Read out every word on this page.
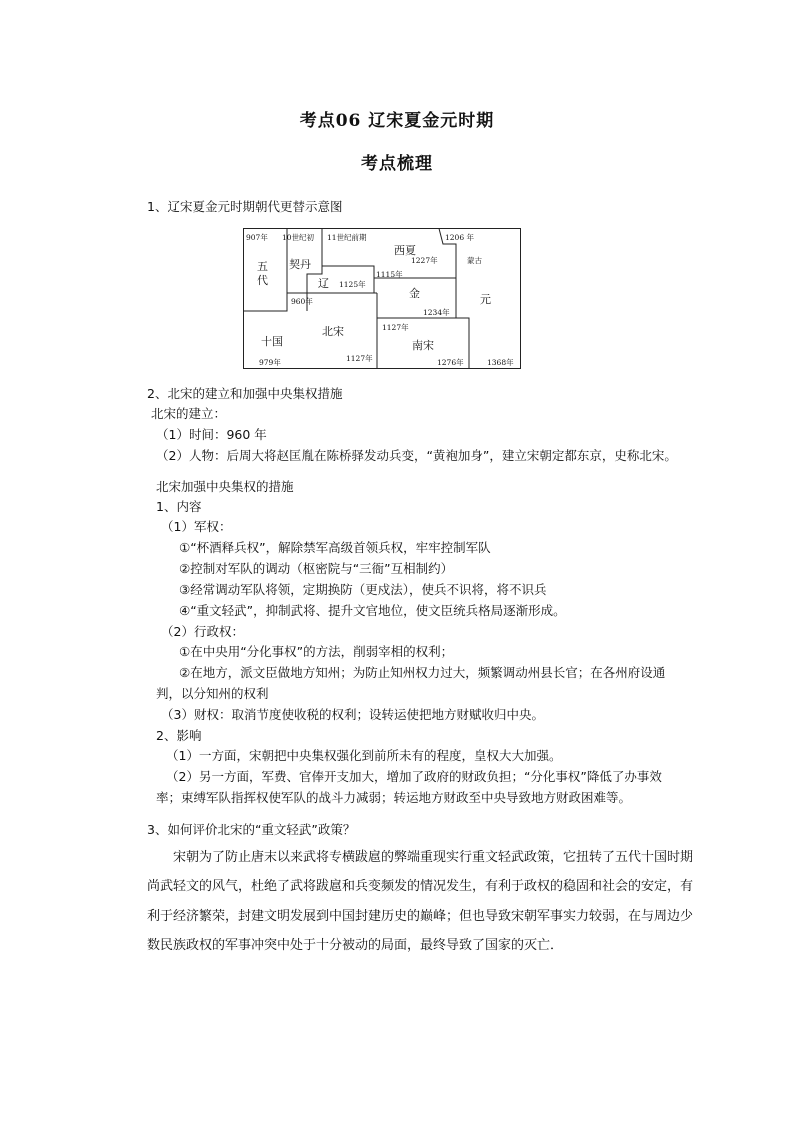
考点06 辽宋夏金元时期
考点梳理
1、辽宋夏金元时期朝代更替示意图
907年 10世纪初 11世纪前期
1227年
1206 年
蒙古
1125年
1115年
1234年
960年
979年	1127年
1127年
1276年	1368年
五
代
契丹
辽
西夏
元
金
十国
北宋
南宋
2、北宋的建立和加强中央集权措施
北宋的建立：
（1）时间：960 年
（2）人物：后周大将赵匡胤在陈桥驿发动兵变，“黄袍加身”，建立宋朝定都东京，史称北宋。
北宋加强中央集权的措施
1、内容
（1）军权：
①“杯酒释兵权”，解除禁军高级首领兵权，牢牢控制军队
②控制对军队的调动（枢密院与“三衙”互相制约）
③经常调动军队将领，定期换防（更戍法），使兵不识将，将不识兵
④“重文轻武”，抑制武将、提升文官地位，使文臣统兵格局逐渐形成。
（2）行政权：
①在中央用“分化事权”的方法，削弱宰相的权利；
②在地方，派文臣做地方知州；为防止知州权力过大，频繁调动州县长官；在各州府设通
判，以分知州的权利
（3）财权：取消节度使收税的权利；设转运使把地方财赋收归中央。
2、影响
（1）一方面，宋朝把中央集权强化到前所未有的程度，皇权大大加强。
（2）另一方面，军费、官俸开支加大，增加了政府的财政负担；“分化事权”降低了办事效
率；束缚军队指挥权使军队的战斗力减弱；转运地方财政至中央导致地方财政困难等。
3、如何评价北宋的“重文轻武”政策？
宋朝为了防止唐末以来武将专横跋扈的弊端重现实行重文轻武政策，它扭转了五代十国时期
尚武轻文的风气，杜绝了武将跋扈和兵变频发的情况发生，有利于政权的稳固和社会的安定，有
利于经济繁荣，封建文明发展到中国封建历史的巅峰；但也导致宋朝军事实力较弱，在与周边少
数民族政权的军事冲突中处于十分被动的局面，最终导致了国家的灭亡．
